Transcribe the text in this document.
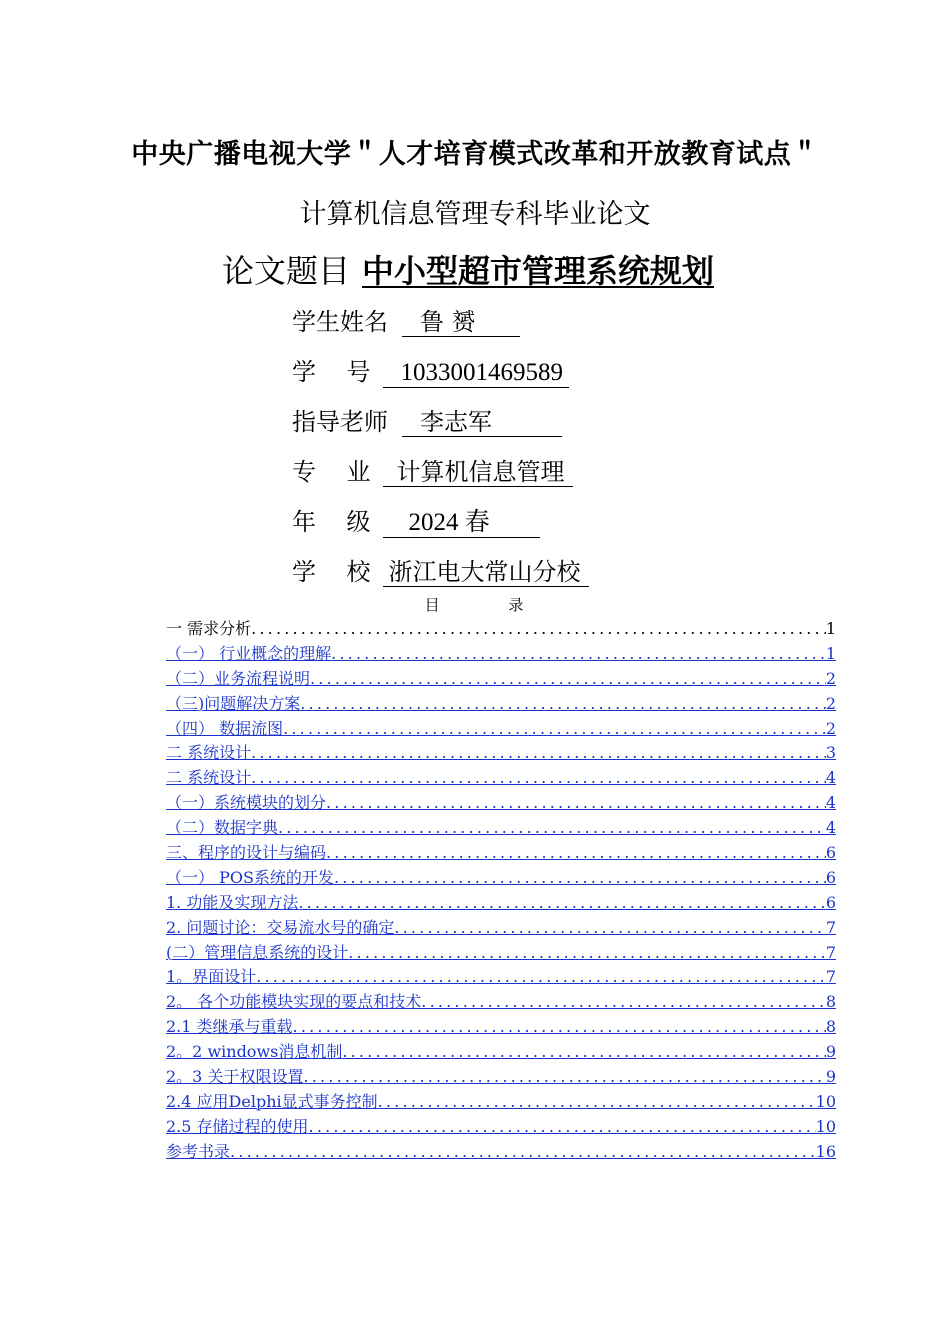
中央广播电视大学＂人才培育模式改革和开放教育试点＂
计算机信息管理专科毕业论文
论文题目 中小型超市管理系统规划
学生姓名 鲁 赟
学    号 1033001469589
指导老师 李志军
专    业 计算机信息管理
年    级 2024 春
学    校 浙江电大常山分校
目 录
一 需求分析 .....	1
（一） 行业概念的理解 .....	1
（二）业务流程说明 .....	2
（三)问题解决方案 .....	2
（四） 数据流图 .....	2
二 系统设计 .....	3
二 系统设计 .....	4
（一）系统模块的划分 .....	4
（二）数据字典 .....	4
三、程序的设计与编码 .....	6
（一） POS系统的开发 .....	6
1. 功能及实现方法 .....	6
2. 问题讨论：交易流水号的确定 .....	7
(二）管理信息系统的设计 .....	7
1。界面设计 .....	7
2。 各个功能模块实现的要点和技术 .....	8
2.1 类继承与重载 .....	8
2。2 windows消息机制 .....	9
2。3 关于权限设置 .....	9
2.4 应用Delphi显式事务控制 .....	10
2.5 存储过程的使用 .....	10
参考书录 .....	16
